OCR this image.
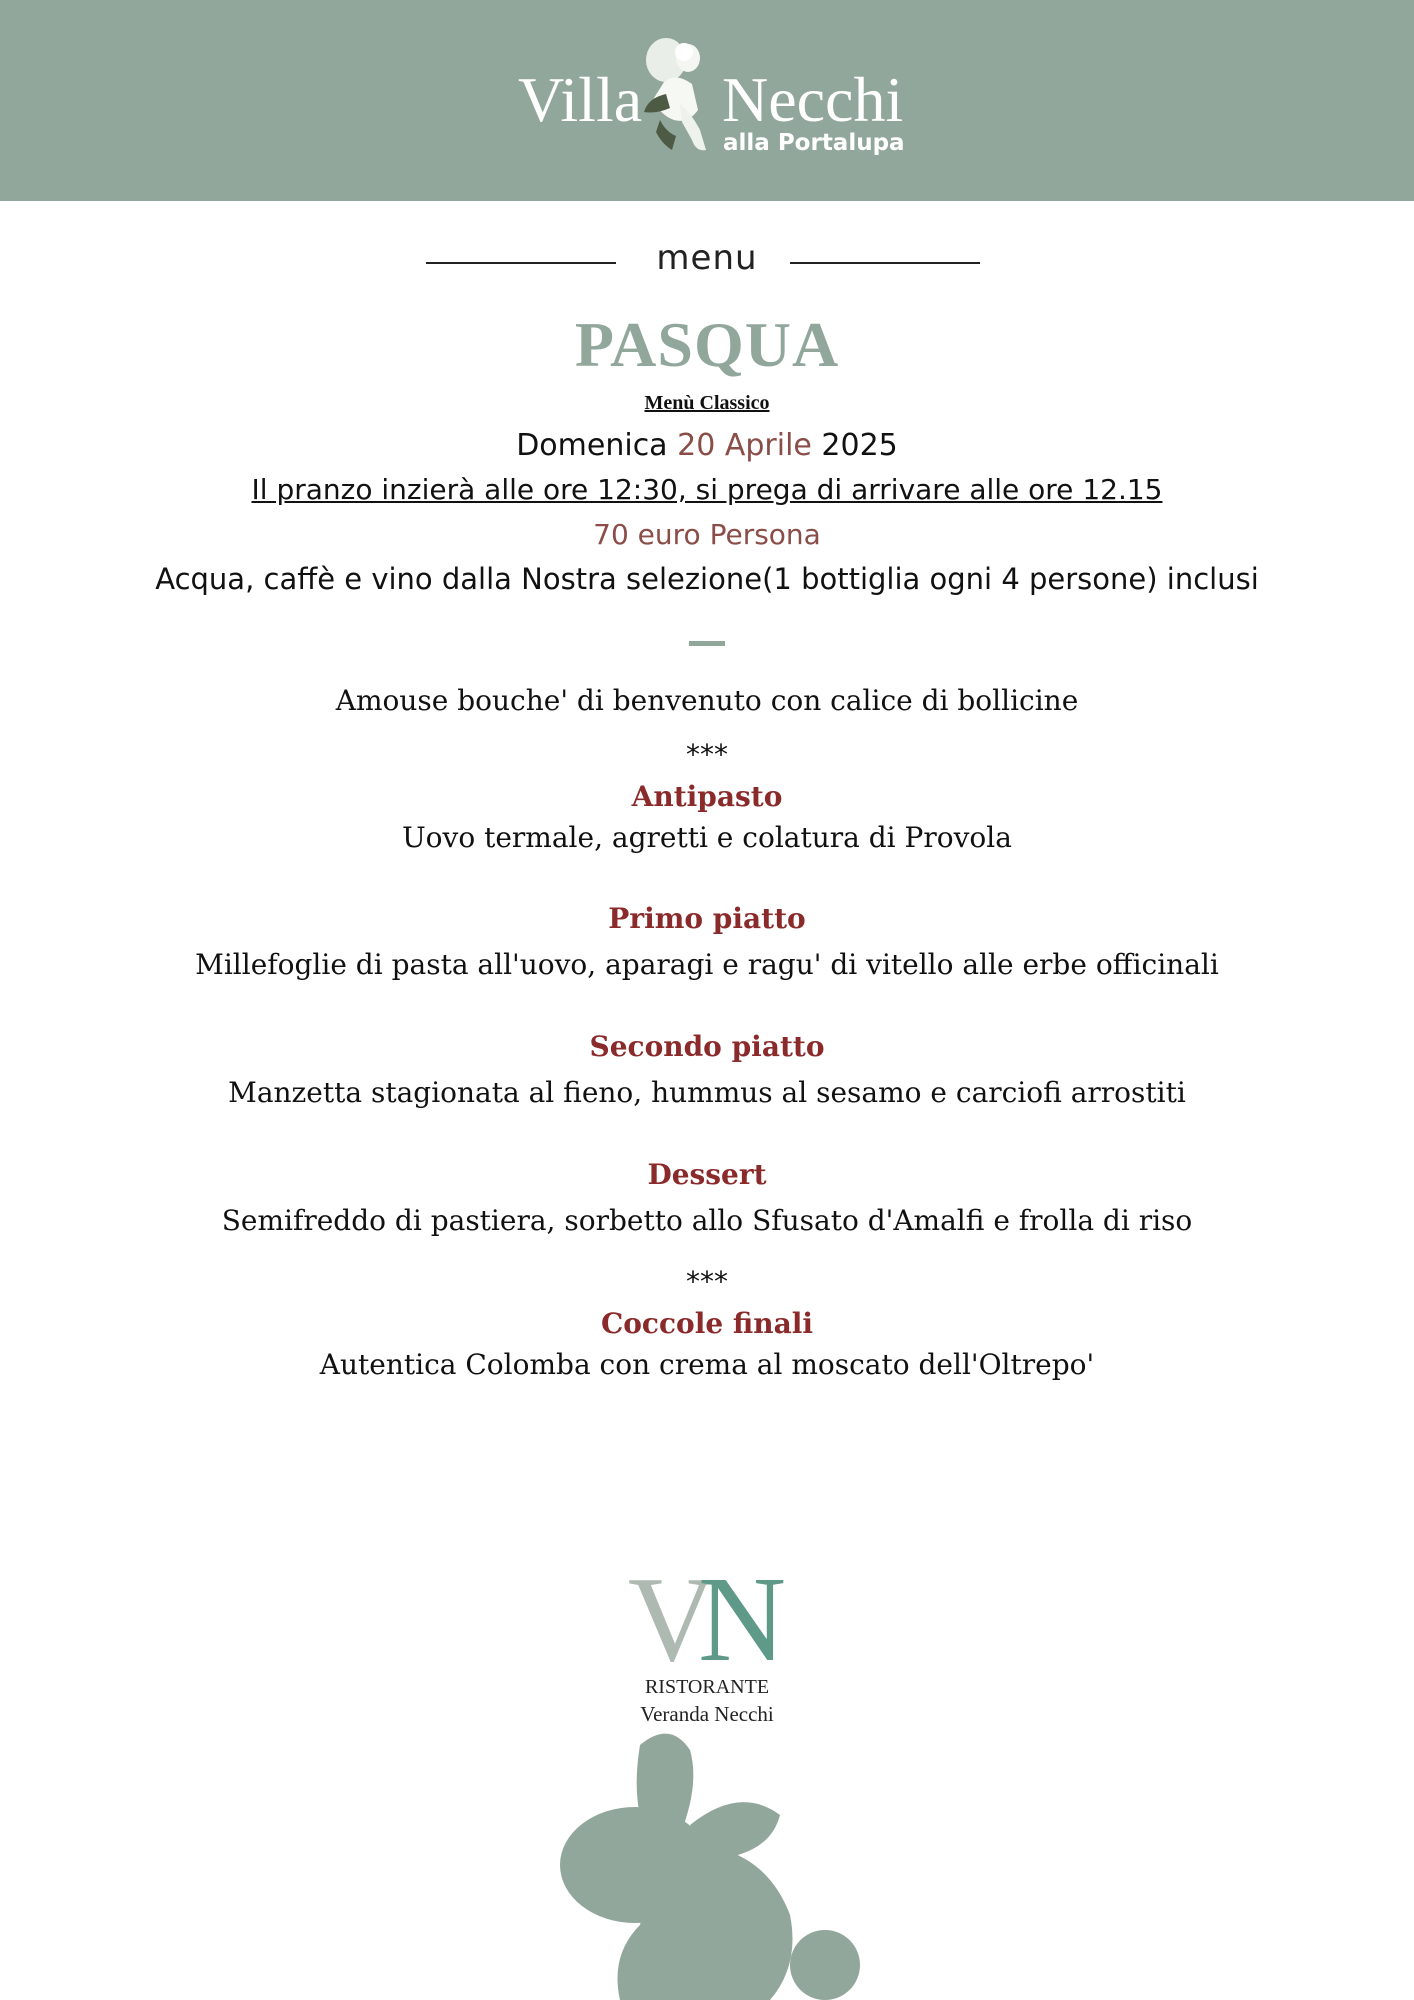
Villa Necchi
alla Portalupa
menu
PASQUA
Menù Classico
Domenica 20 Aprile 2025
Il pranzo inzierà alle ore 12:30, si prega di arrivare alle ore 12.15
70 euro Persona
Acqua, caffè e vino dalla Nostra selezione(1 bottiglia ogni 4 persone) inclusi
Amouse bouche' di benvenuto con calice di bollicine
***
Antipasto
Uovo termale, agretti e colatura di Provola
Primo piatto
Millefoglie di pasta all'uovo, aparagi e ragu' di vitello alle erbe officinali
Secondo piatto
Manzetta stagionata al fieno, hummus al sesamo e carciofi arrostiti
Dessert
Semifreddo di pastiera, sorbetto allo Sfusato d'Amalfi e frolla di riso
***
Coccole finali
Autentica Colomba con crema al moscato dell'Oltrepo'
VN
RISTORANTE
Veranda Necchi
